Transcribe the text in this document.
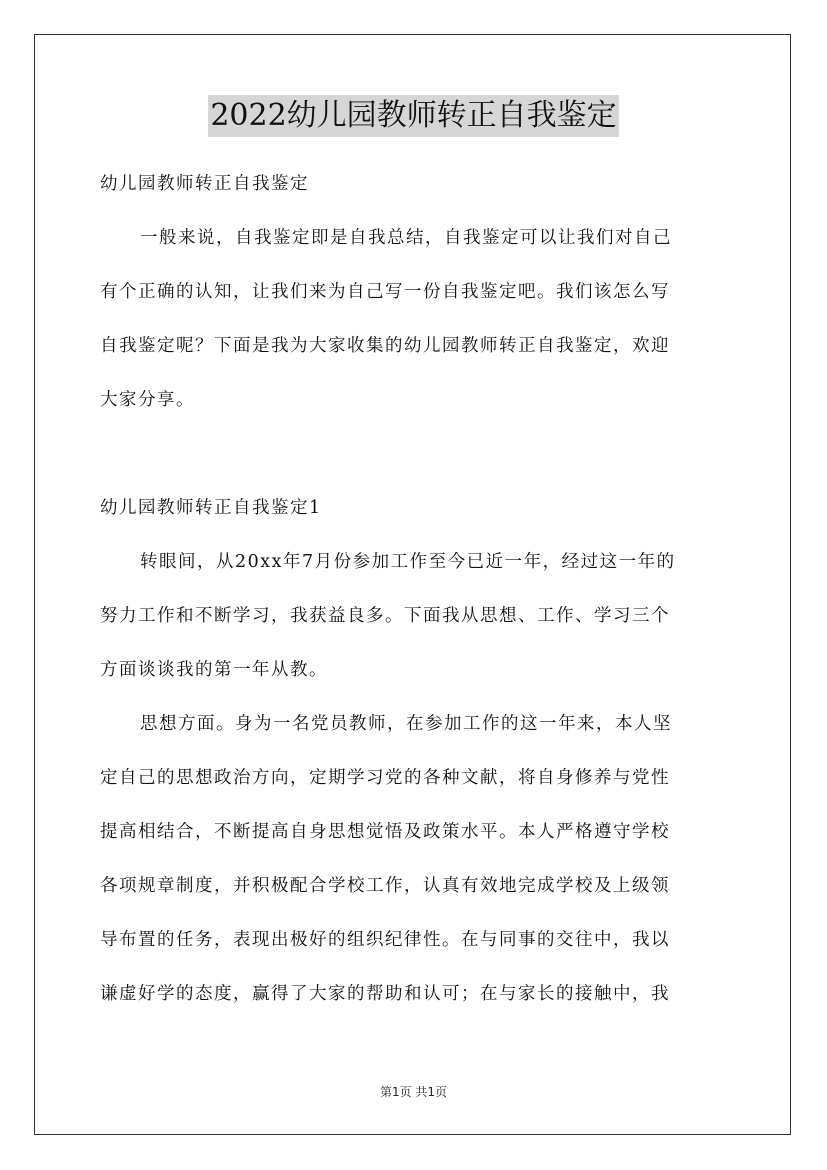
2022幼儿园教师转正自我鉴定
幼儿园教师转正自我鉴定
一般来说，自我鉴定即是自我总结，自我鉴定可以让我们对自己
有个正确的认知，让我们来为自己写一份自我鉴定吧。我们该怎么写
自我鉴定呢？下面是我为大家收集的幼儿园教师转正自我鉴定，欢迎
大家分享。
幼儿园教师转正自我鉴定1
转眼间，从20xx年7月份参加工作至今已近一年，经过这一年的
努力工作和不断学习，我获益良多。下面我从思想、工作、学习三个
方面谈谈我的第一年从教。
思想方面。身为一名党员教师，在参加工作的这一年来，本人坚
定自己的思想政治方向，定期学习党的各种文献，将自身修养与党性
提高相结合，不断提高自身思想觉悟及政策水平。本人严格遵守学校
各项规章制度，并积极配合学校工作，认真有效地完成学校及上级领
导布置的任务，表现出极好的组织纪律性。在与同事的交往中，我以
谦虚好学的态度，赢得了大家的帮助和认可；在与家长的接触中，我
第1页 共1页
